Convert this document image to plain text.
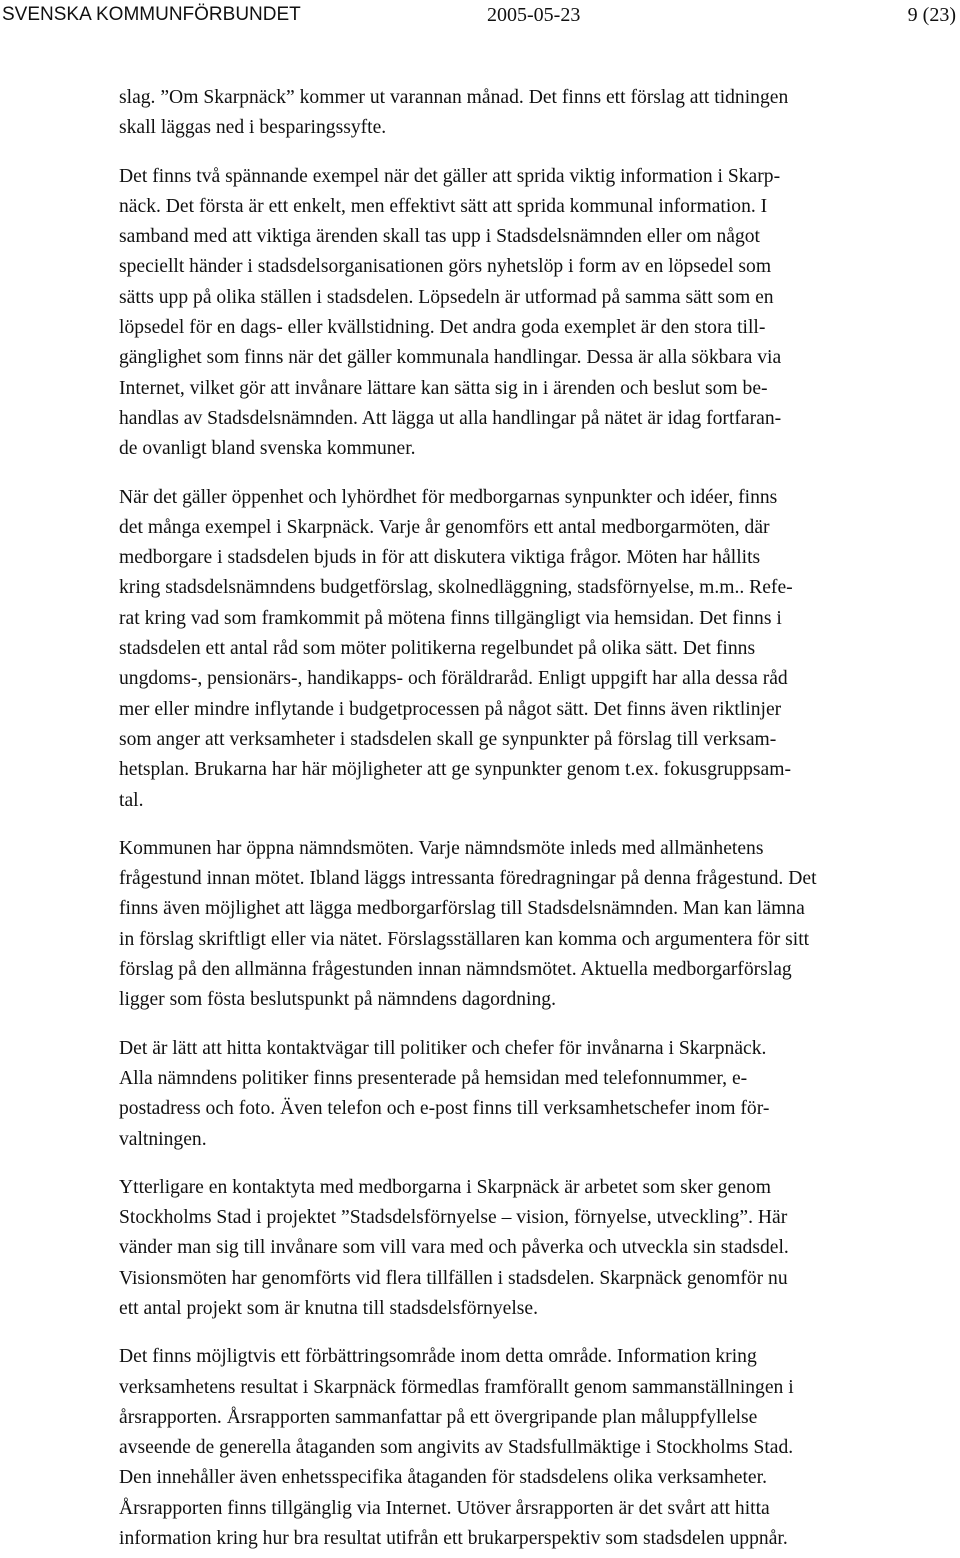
SVENSKA KOMMUNFÖRBUNDET	2005-05-23	9 (23)
slag. ”Om Skarpnäck” kommer ut varannan månad. Det finns ett förslag att tidningen
skall läggas ned i besparingssyfte.
Det finns två spännande exempel när det gäller att sprida viktig information i Skarp-
näck. Det första är ett enkelt, men effektivt sätt att sprida kommunal information. I
samband med att viktiga ärenden skall tas upp i Stadsdelsnämnden eller om något
speciellt händer i stadsdelsorganisationen görs nyhetslöp i form av en löpsedel som
sätts upp på olika ställen i stadsdelen. Löpsedeln är utformad på samma sätt som en
löpsedel för en dags- eller kvällstidning. Det andra goda exemplet är den stora till-
gänglighet som finns när det gäller kommunala handlingar. Dessa är alla sökbara via
Internet, vilket gör att invånare lättare kan sätta sig in i ärenden och beslut som be-
handlas av Stadsdelsnämnden. Att lägga ut alla handlingar på nätet är idag fortfaran-
de ovanligt bland svenska kommuner.
När det gäller öppenhet och lyhördhet för medborgarnas synpunkter och idéer, finns
det många exempel i Skarpnäck. Varje år genomförs ett antal medborgarmöten, där
medborgare i stadsdelen bjuds in för att diskutera viktiga frågor. Möten har hållits
kring stadsdelsnämndens budgetförslag, skolnedläggning, stadsförnyelse, m.m.. Refe-
rat kring vad som framkommit på mötena finns tillgängligt via hemsidan. Det finns i
stadsdelen ett antal råd som möter politikerna regelbundet på olika sätt. Det finns
ungdoms-, pensionärs-, handikapps- och föräldraråd. Enligt uppgift har alla dessa råd
mer eller mindre inflytande i budgetprocessen på något sätt. Det finns även riktlinjer
som anger att verksamheter i stadsdelen skall ge synpunkter på förslag till verksam-
hetsplan. Brukarna har här möjligheter att ge synpunkter genom t.ex. fokusgruppsam-
tal.
Kommunen har öppna nämndsmöten. Varje nämndsmöte inleds med allmänhetens
frågestund innan mötet. Ibland läggs intressanta föredragningar på denna frågestund. Det
finns även möjlighet att lägga medborgarförslag till Stadsdelsnämnden. Man kan lämna
in förslag skriftligt eller via nätet. Förslagsställaren kan komma och argumentera för sitt
förslag på den allmänna frågestunden innan nämndsmötet. Aktuella medborgarförslag
ligger som fösta beslutspunkt på nämndens dagordning.
Det är lätt att hitta kontaktvägar till politiker och chefer för invånarna i Skarpnäck.
Alla nämndens politiker finns presenterade på hemsidan med telefonnummer, e-
postadress och foto. Även telefon och e-post finns till verksamhetschefer inom för-
valtningen.
Ytterligare en kontaktyta med medborgarna i Skarpnäck är arbetet som sker genom
Stockholms Stad i projektet ”Stadsdelsförnyelse – vision, förnyelse, utveckling”. Här
vänder man sig till invånare som vill vara med och påverka och utveckla sin stadsdel.
Visionsmöten har genomförts vid flera tillfällen i stadsdelen. Skarpnäck genomför nu
ett antal projekt som är knutna till stadsdelsförnyelse.
Det finns möjligtvis ett förbättringsområde inom detta område. Information kring
verksamhetens resultat i Skarpnäck förmedlas framförallt genom sammanställningen i
årsrapporten. Årsrapporten sammanfattar på ett övergripande plan måluppfyllelse
avseende de generella åtaganden som angivits av Stadsfullmäktige i Stockholms Stad.
Den innehåller även enhetsspecifika åtaganden för stadsdelens olika verksamheter.
Årsrapporten finns tillgänglig via Internet. Utöver årsrapporten är det svårt att hitta
information kring hur bra resultat utifrån ett brukarperspektiv som stadsdelen uppnår.
